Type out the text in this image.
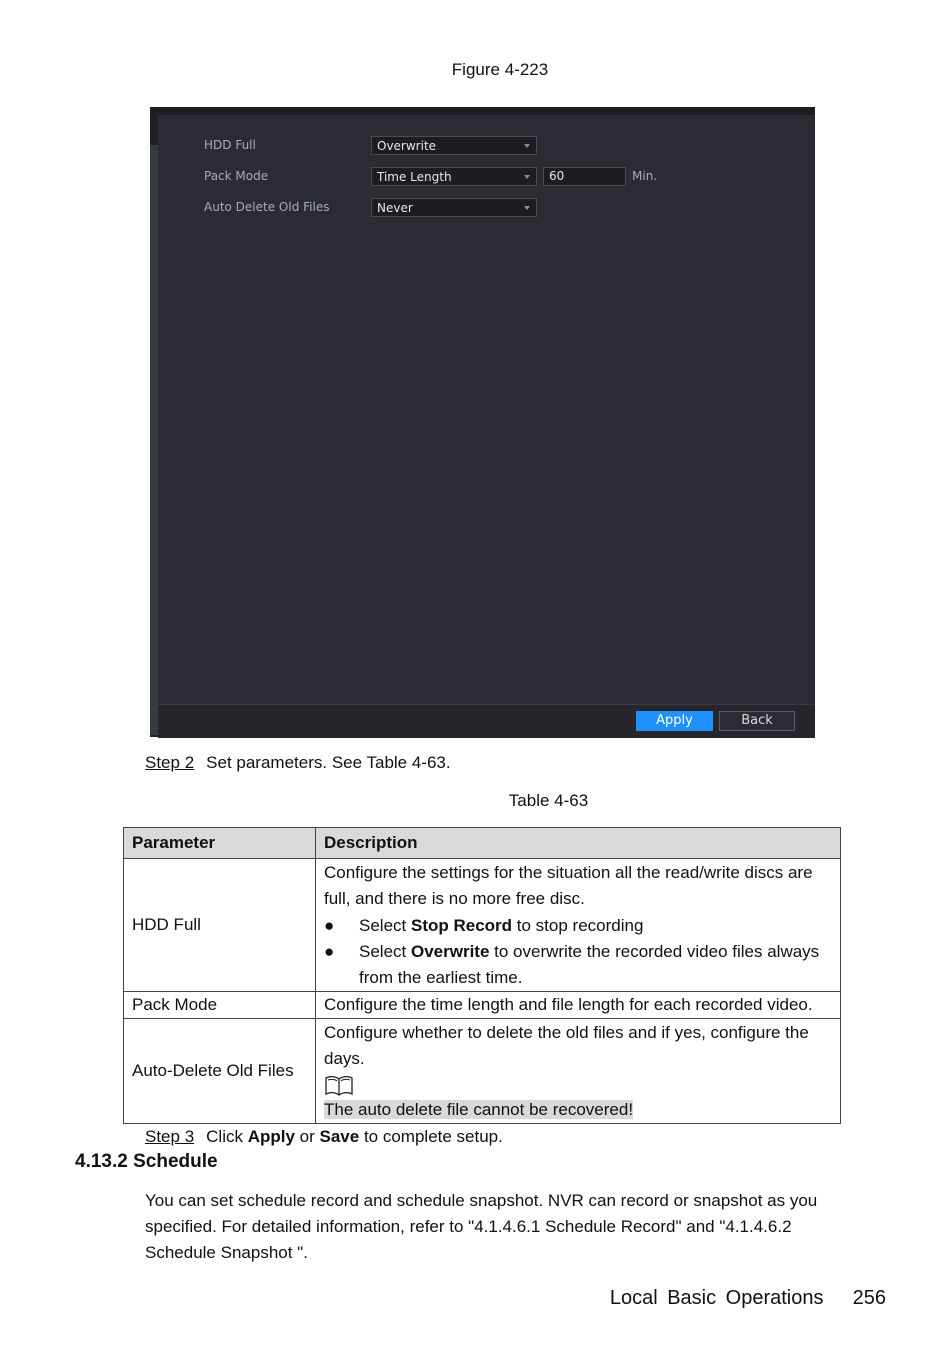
Figure 4-223
HDD Full	Overwrite
Pack Mode	Time Length	60	Min.
Auto Delete Old Files	Never
Apply	Back
Step 2 Set parameters. See Table 4-63.
Table 4-63
Parameter	Description
HDD Full	Configure the settings for the situation all the read/write discs are full, and there is no more free disc.
● Select Stop Record to stop recording
● Select Overwrite to overwrite the recorded video files always from the earliest time.

Pack Mode	Configure the time length and file length for each recorded video.
Auto-Delete Old Files	Configure whether to delete the old files and if yes, configure the days.
The auto delete file cannot be recovered!
Step 3 Click Apply or Save to complete setup.
4.13.2 Schedule
You can set schedule record and schedule snapshot. NVR can record or snapshot as you specified. For detailed information, refer to "4.1.4.6.1 Schedule Record" and "4.1.4.6.2 Schedule Snapshot ".
Local Basic Operations 256
